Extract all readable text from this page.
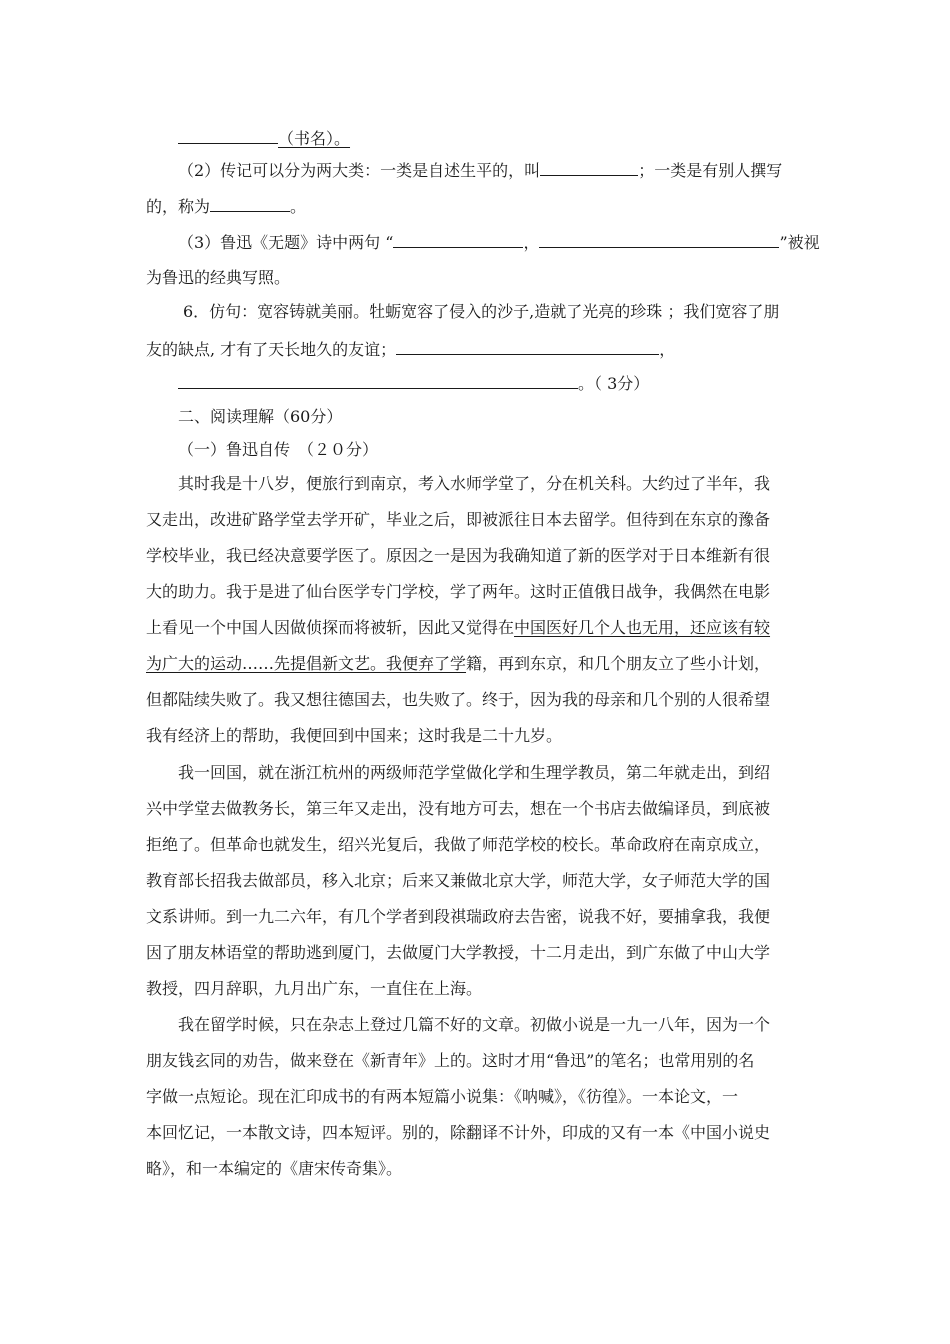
（书名）。
（2）传记可以分为两大类：一类是自述生平的，叫	；一类是有别人撰写
的，称为	。
（3）鲁迅《无题》诗中两句 “	，	”被视
为鲁迅的经典写照。
6．仿句：宽容铸就美丽。牡蛎宽容了侵入的沙子,造就了光亮的珍珠 ；我们宽容了朋
友的缺点, 才有了天长地久的友谊；	，
。（ 3分）
二、阅读理解（60分）
（一）鲁迅自传　（２０分）
其时我是十八岁，便旅行到南京，考入水师学堂了，分在机关科。大约过了半年，我
又走出，改进矿路学堂去学开矿，毕业之后，即被派往日本去留学。但待到在东京的豫备
学校毕业，我已经决意要学医了。原因之一是因为我确知道了新的医学对于日本维新有很
大的助力。我于是进了仙台医学专门学校，学了两年。这时正值俄日战争，我偶然在电影
上看见一个中国人因做侦探而将被斩，因此又觉得在中国医好几个人也无用，还应该有较
为广大的运动……先提倡新文艺。我便弃了学籍，再到东京，和几个朋友立了些小计划，
但都陆续失败了。我又想往德国去，也失败了。终于，因为我的母亲和几个别的人很希望
我有经济上的帮助，我便回到中国来；这时我是二十九岁。
我一回国，就在浙江杭州的两级师范学堂做化学和生理学教员，第二年就走出，到绍
兴中学堂去做教务长，第三年又走出，没有地方可去，想在一个书店去做编译员，到底被
拒绝了。但革命也就发生，绍兴光复后，我做了师范学校的校长。革命政府在南京成立，
教育部长招我去做部员，移入北京；后来又兼做北京大学，师范大学，女子师范大学的国
文系讲师。到一九二六年，有几个学者到段祺瑞政府去告密，说我不好，要捕拿我，我便
因了朋友林语堂的帮助逃到厦门，去做厦门大学教授，十二月走出，到广东做了中山大学
教授，四月辞职，九月出广东，一直住在上海。
我在留学时候，只在杂志上登过几篇不好的文章。初做小说是一九一八年，因为一个
朋友钱玄同的劝告，做来登在《新青年》上的。这时才用“鲁迅”的笔名；也常用别的名
字做一点短论。现在汇印成书的有两本短篇小说集：《呐喊》，《彷徨》。一本论文，一
本回忆记，一本散文诗，四本短评。别的，除翻译不计外，印成的又有一本《中国小说史
略》，和一本编定的《唐宋传奇集》。
